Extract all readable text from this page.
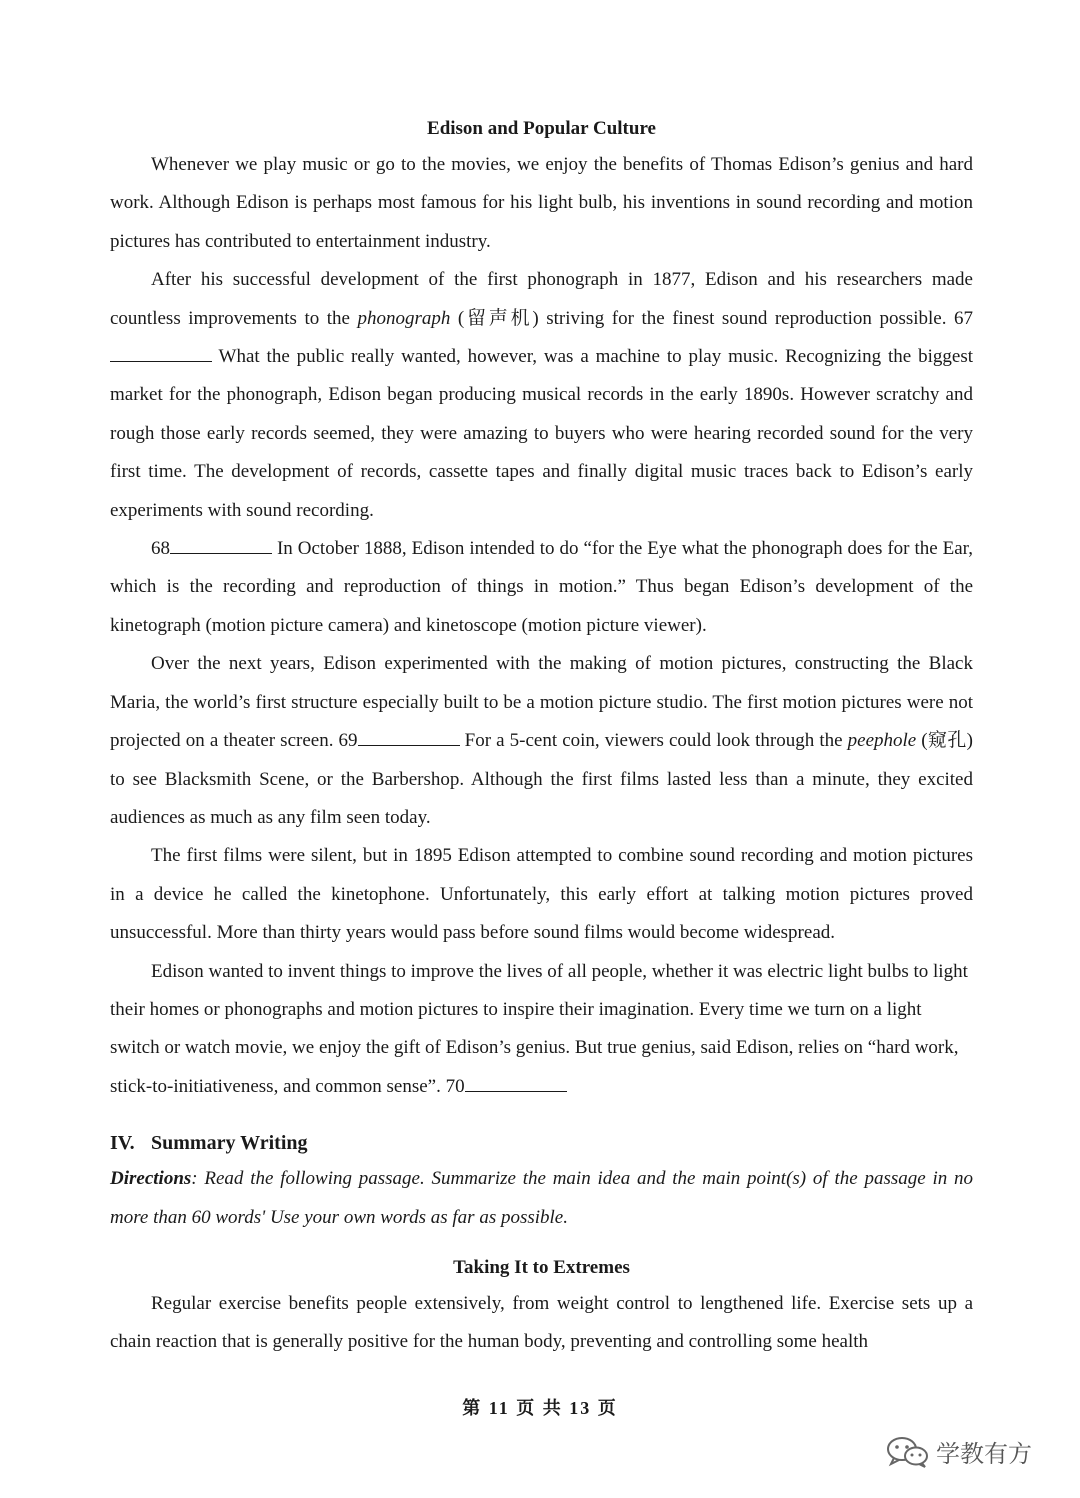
Edison and Popular Culture

Whenever we play music or go to the movies, we enjoy the benefits of Thomas Edison’s genius and hard work. Although Edison is perhaps most famous for his light bulb, his inventions in sound recording and motion pictures has contributed to entertainment industry.

After his successful development of the first phonograph in 1877, Edison and his researchers made countless improvements to the phonograph (留声机) striving for the finest sound reproduction possible. 67 What the public really wanted, however, was a machine to play music. Recognizing the biggest market for the phonograph, Edison began producing musical records in the early 1890s. However scratchy and rough those early records seemed, they were amazing to buyers who were hearing recorded sound for the very first time. The development of records, cassette tapes and finally digital music traces back to Edison’s early experiments with sound recording.

68	In October 1888, Edison intended to do “for the Eye what the phonograph does for the Ear, which is the recording and reproduction of things in motion.” Thus began Edison’s development of the kinetograph (motion picture camera) and kinetoscope (motion picture viewer).

Over the next years, Edison experimented with the making of motion pictures, constructing the Black Maria, the world’s first structure especially built to be a motion picture studio. The first motion pictures were not projected on a theater screen. 69	For a 5-cent coin, viewers could look through the peephole (窥孔) to see Blacksmith Scene, or the Barbershop. Although the first films lasted less than a minute, they excited audiences as much as any film seen today.

The first films were silent, but in 1895 Edison attempted to combine sound recording and motion pictures in a device he called the kinetophone. Unfortunately, this early effort at talking motion pictures proved unsuccessful. More than thirty years would pass before sound films would become widespread.

Edison wanted to invent things to improve the lives of all people, whether it was electric light bulbs to light their homes or phonographs and motion pictures to inspire their imagination. Every time we turn on a light switch or watch movie, we enjoy the gift of Edison’s genius. But true genius, said Edison, relies on “hard work, stick-to-initiativeness, and common sense”. 70

IV. Summary Writing

Directions: Read the following passage. Summarize the main idea and the main point(s) of the passage in no more than 60 words' Use your own words as far as possible.

Taking It to Extremes

Regular exercise benefits people extensively, from weight control to lengthened life. Exercise sets up a chain reaction that is generally positive for the human body, preventing and controlling some health

第 11 页 共 13 页
学教有方
